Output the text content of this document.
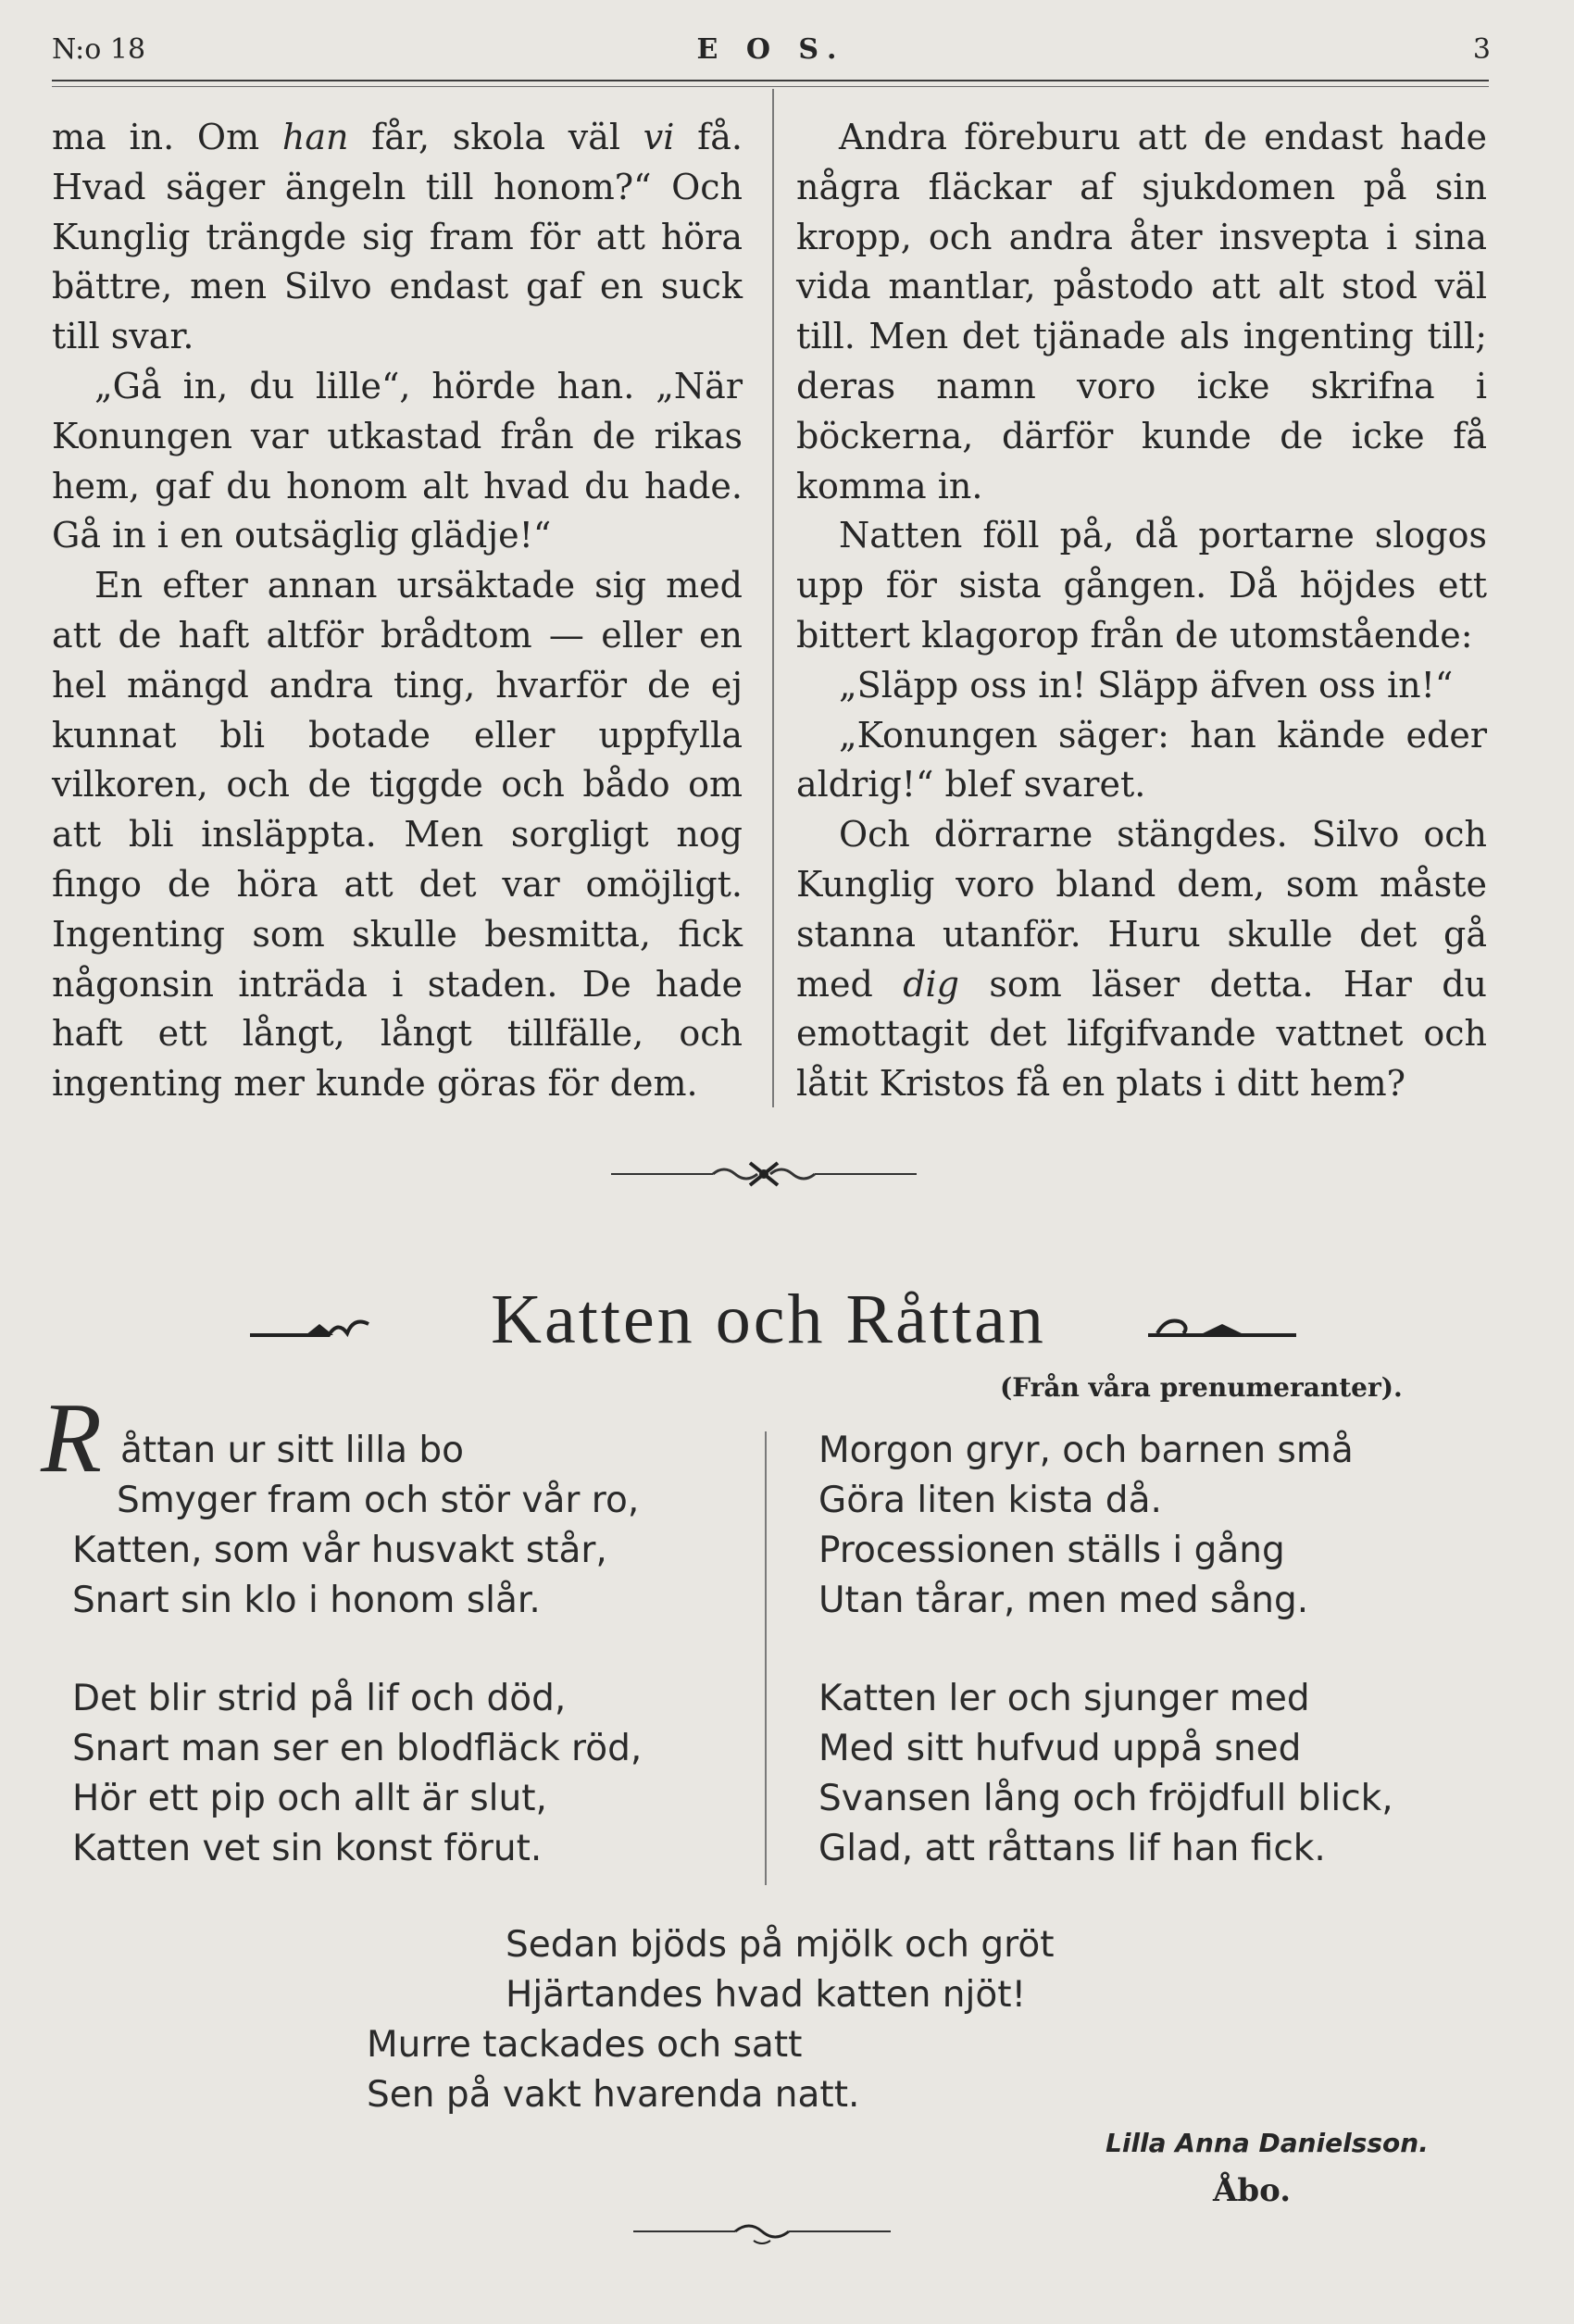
N:o 18	E O S.	3

ma in. Om han får, skola väl vi få. Hvad säger ängeln till honom?“ Och Kunglig trängde sig fram för att höra bättre, men Silvo endast gaf en suck till svar.

„Gå in, du lille“, hörde han. „När Konungen var utkastad från de rikas hem, gaf du honom alt hvad du hade. Gå in i en outsäglig glädje!“

En efter annan ursäktade sig med att de haft altför brådtom — eller en hel mängd andra ting, hvarför de ej kunnat bli botade eller uppfylla vilkoren, och de tiggde och bådo om att bli insläppta. Men sorgligt nog fingo de höra att det var omöjligt. Ingenting som skulle besmitta, fick någonsin inträda i staden. De hade haft ett långt, långt tillfälle, och ingenting mer kunde göras för dem.

Andra föreburu att de endast hade några fläckar af sjukdomen på sin kropp, och andra åter insvepta i sina vida mantlar, påstodo att alt stod väl till. Men det tjänade als ingenting till; deras namn voro icke skrifna i böckerna, därför kunde de icke få komma in.

Natten föll på, då portarne slogos upp för sista gången. Då höjdes ett bittert klagorop från de utomstående:

„Släpp oss in! Släpp äfven oss in!“

„Konungen säger: han kände eder aldrig!“ blef svaret.

Och dörrarne stängdes. Silvo och Kunglig voro bland dem, som måste stanna utanför. Huru skulle det gå med dig som läser detta. Har du emottagit det lifgifvande vattnet och låtit Kristos få en plats i ditt hem?

Katten och Råttan
(Från våra prenumeranter).
R åttan ur sitt lilla bo
Smyger fram och stör vår ro,
Katten, som vår husvakt står,
Snart sin klo i honom slår.
Det blir strid på lif och död,
Snart man ser en blodfläck röd,
Hör ett pip och allt är slut,
Katten vet sin konst förut.
Morgon gryr, och barnen små
Göra liten kista då.
Processionen ställs i gång
Utan tårar, men med sång.
Katten ler och sjunger med
Med sitt hufvud uppå sned
Svansen lång och fröjdfull blick,
Glad, att råttans lif han fick.
Sedan bjöds på mjölk och gröt
Hjärtandes hvad katten njöt!
Murre tackades och satt
Sen på vakt hvarenda natt.
Lilla Anna Danielsson.
Åbo.
